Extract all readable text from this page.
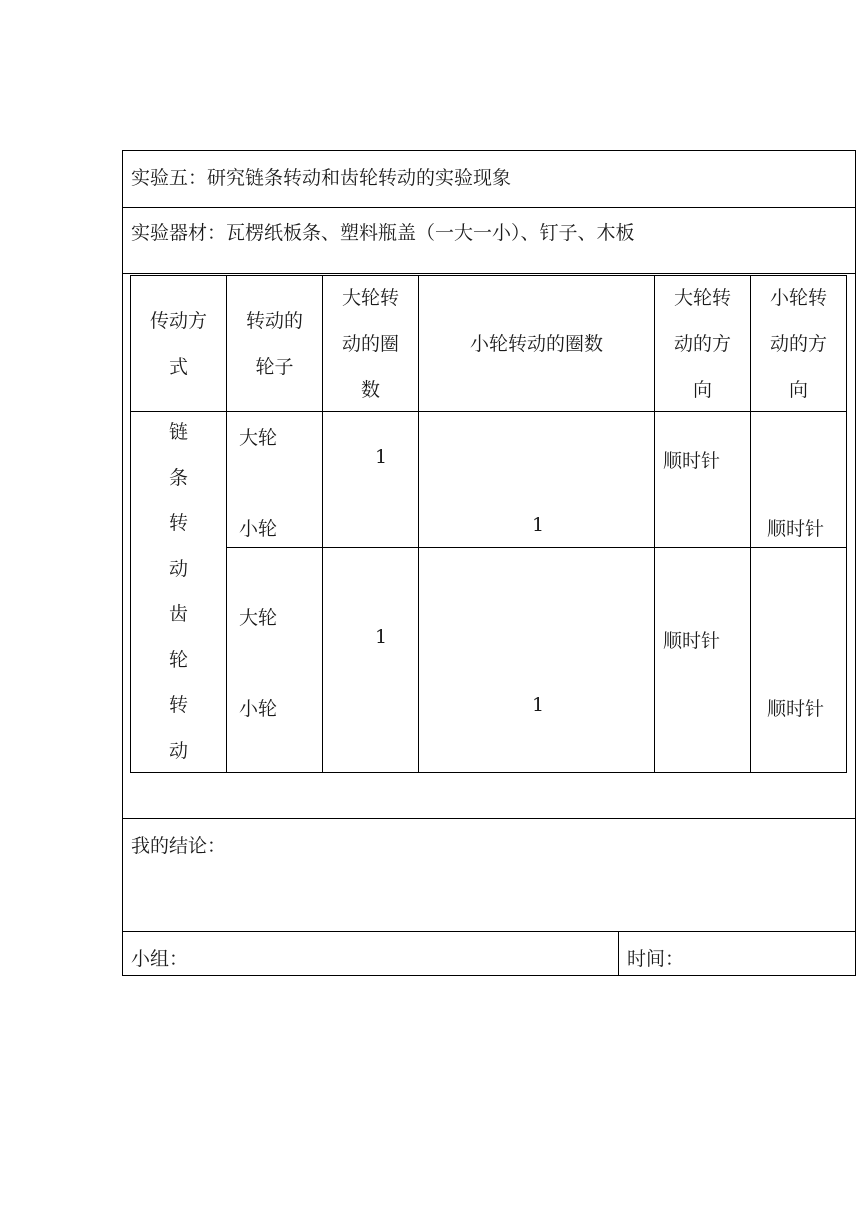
实验五：研究链条转动和齿轮转动的实验现象
实验器材：瓦楞纸板条、塑料瓶盖（一大一小）、钉子、木板
传动方
式
转动的
轮子
大轮转
动的圈
数
小轮转动的圈数
大轮转
动的方
向
小轮转
动的方
向
链
条
转
动
齿
轮
转
动
大轮
小轮
1
1
顺时针
顺时针
大轮
小轮
1
1
顺时针
顺时针
我的结论：
小组：	时间：
